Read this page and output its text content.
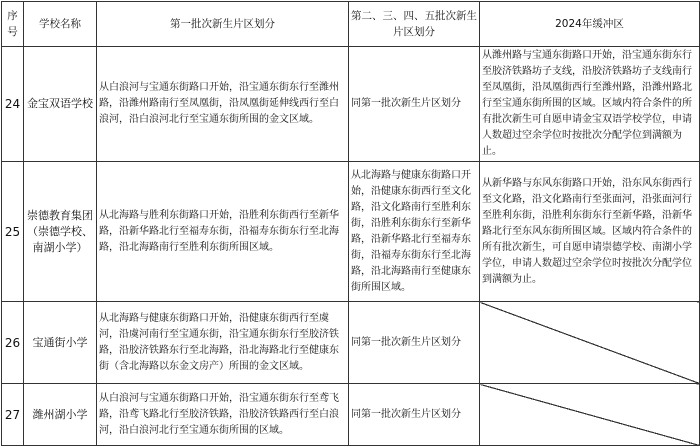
序号	学校名称	第一批次新生片区划分	第二、三、四、五批次新生片区划分	2024年缓冲区
24	金宝双语学校	从白浪河与宝通东街路口开始，沿宝通东街东行至潍州路，沿潍州路南行至凤凰街，沿凤凰街延伸线西行至白浪河，沿白浪河北行至宝通东街所围的金文区域。	同第一批次新生片区划分	从潍州路与宝通东街路口开始，沿宝通东街东行至胶济铁路坊子支线，沿胶济铁路坊子支线南行至凤凰街，沿凤凰街西行至潍州路，沿潍州路北行至宝通东街所围的区域。区域内符合条件的所有批次新生可自愿申请金宝双语学校学位，申请人数超过空余学位时按批次分配学位到满额为止。
25	崇德教育集团（崇德学校、南湖小学）	从北海路与胜利东街路口开始，沿胜利东街西行至新华路，沿新华路北行至福寿东街，沿福寿东街东行至北海路，沿北海路南行至胜利东街所围区域。	从北海路与健康东街路口开始，沿健康东街西行至文化路，沿文化路南行至胜利东街，沿胜利东街东行至新华路，沿新华路北行至福寿东街，沿福寿东街东行至北海路，沿北海路南行至健康东街所围区域。	从新华路与东风东街路口开始，沿东风东街西行至文化路，沿文化路南行至张面河，沿张面河行至胜利东街，沿胜利东街东行至新华路，沿新华路北行至东风东街所围区域。区域内符合条件的所有批次新生，可自愿申请崇德学校、南湖小学学位，申请人数超过空余学位时按批次分配学位到满额为止。
26	宝通街小学	从北海路与健康东街路口开始，沿健康东街西行至虞河，沿虞河南行至宝通东街，沿宝通东街东行至胶济铁路，沿胶济铁路东行至北海路，沿北海路北行至健康东街（含北海路以东金文房产）所围的金文区域。	同第一批次新生片区划分	
27	潍州湖小学	从白浪河与宝通东街路口开始，沿宝通东街东行至鸢飞路，沿鸢飞路北行至胶济铁路，沿胶济铁路西行至白浪河，沿白浪河北行至宝通东街所围的区域。	同第一批次新生片区划分	
